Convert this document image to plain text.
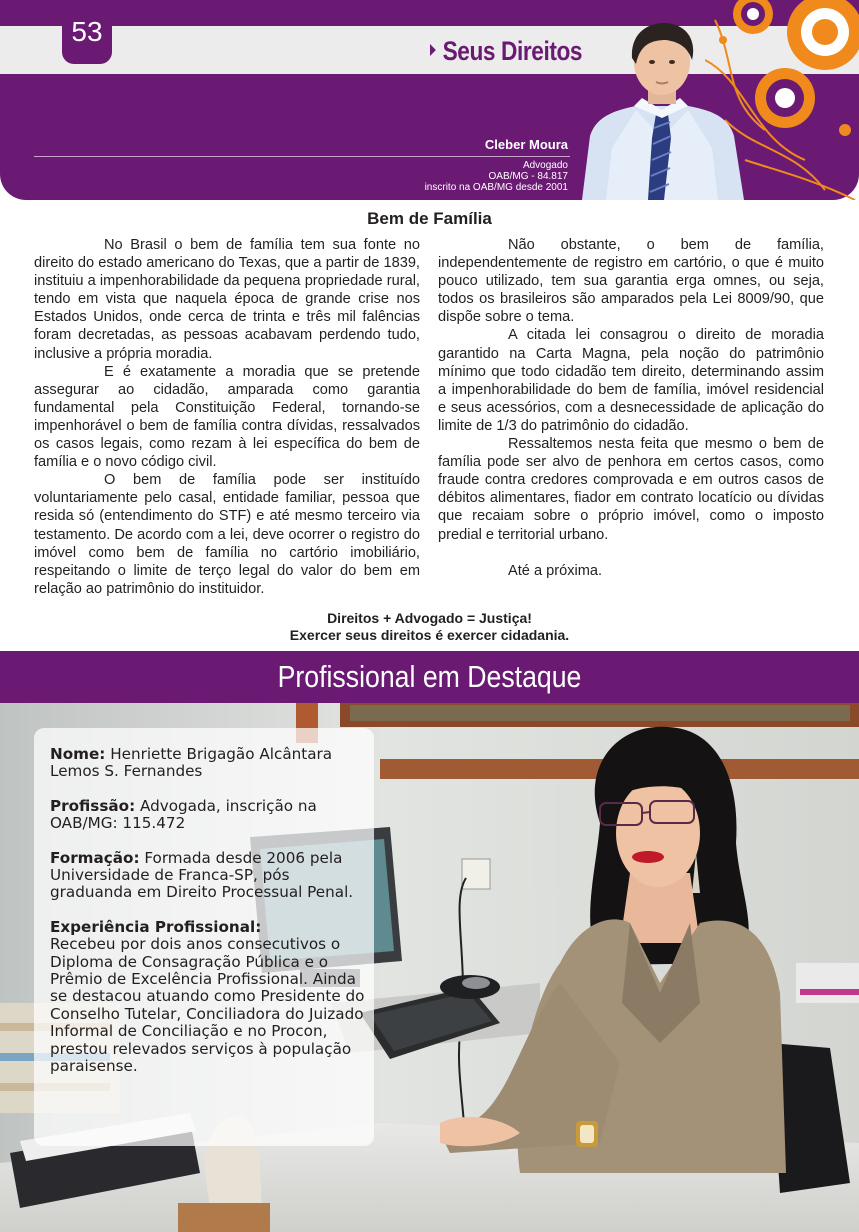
53
Seus Direitos
Cleber Moura
Advogado
OAB/MG - 84.817
inscrito na OAB/MG desde 2001
Bem de Família

No Brasil o bem de família tem sua fonte no direito do estado americano do Texas, que a partir de 1839, instituiu a impenhorabilidade da pequena propriedade rural, tendo em vista que naquela época de grande crise nos Estados Unidos, onde cerca de trinta e três mil falências foram decretadas, as pessoas acabavam perdendo tudo, inclusive a própria moradia.

E é exatamente a moradia que se pretende assegurar ao cidadão, amparada como garantia fundamental pela Constituição Federal, tornando-se impenhorável o bem de família contra dívidas, ressalvados os casos legais, como rezam à lei específica do bem de família e o novo código civil.

O bem de família pode ser instituído voluntariamente pelo casal, entidade familiar, pessoa que resida só (entendimento do STF) e até mesmo terceiro via testamento. De acordo com a lei, deve ocorrer o registro do imóvel como bem de família no cartório imobiliário, respeitando o limite de terço legal do valor do bem em relação ao patrimônio do instituidor.

Não obstante, o bem de família, independentemente de registro em cartório, o que é muito pouco utilizado, tem sua garantia erga omnes, ou seja, todos os brasileiros são amparados pela Lei 8009/90, que dispõe sobre o tema.

A citada lei consagrou o direito de moradia garantido na Carta Magna, pela noção do patrimônio mínimo que todo cidadão tem direito, determinando assim a impenhorabilidade do bem de família, imóvel residencial e seus acessórios, com a desnecessidade de aplicação do limite de 1/3 do patrimônio do cidadão.

Ressaltemos nesta feita que mesmo o bem de família pode ser alvo de penhora em certos casos, como fraude contra credores comprovada e em outros casos de débitos alimentares, fiador em contrato locatício ou dívidas que recaiam sobre o próprio imóvel, como o imposto predial e territorial urbano.

Até a próxima.

Direitos + Advogado = Justiça!
Exercer seus direitos é exercer cidadania.
Profissional em Destaque

Nome: Henriette Brigagão Alcântara Lemos S. Fernandes

Profissão: Advogada, inscrição na OAB/MG: 115.472

Formação: Formada desde 2006 pela Universidade de Franca-SP, pós graduanda em Direito Processual Penal.

Experiência Profissional:
Recebeu por dois anos consecutivos o Diploma de Consagração Pública e o Prêmio de Excelência Profissional. Ainda se destacou atuando como Presidente do Conselho Tutelar, Conciliadora do Juizado Informal de Conciliação e no Procon, prestou relevados serviços à população paraisense.
